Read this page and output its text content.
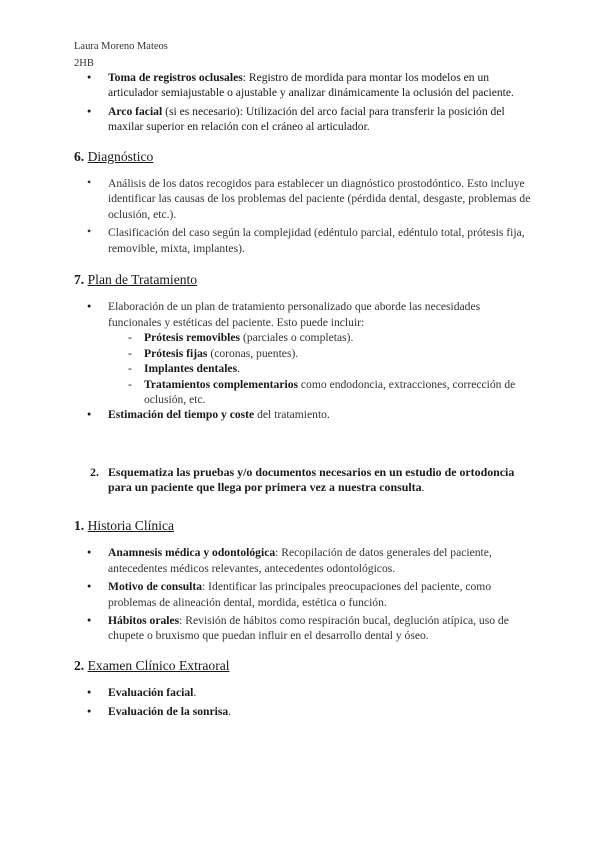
Laura Moreno Mateos
2HB
● Toma de registros oclusales: Registro de mordida para montar los modelos en un articulador semiajustable o ajustable y analizar dinámicamente la oclusión del paciente.
● Arco facial (si es necesario): Utilización del arco facial para transferir la posición del maxilar superior en relación con el cráneo al articulador.
6. Diagnóstico
• Análisis de los datos recogidos para establecer un diagnóstico prostodóntico. Esto incluye identificar las causas de los problemas del paciente (pérdida dental, desgaste, problemas de oclusión, etc.).
• Clasificación del caso según la complejidad (edéntulo parcial, edéntulo total, prótesis fija, removible, mixta, implantes).
7. Plan de Tratamiento
● Elaboración de un plan de tratamiento personalizado que aborde las necesidades funcionales y estéticas del paciente. Esto puede incluir:
- Prótesis removibles (parciales o completas).
- Prótesis fijas (coronas, puentes).
- Implantes dentales.
- Tratamientos complementarios como endodoncia, extracciones, corrección de oclusión, etc.
● Estimación del tiempo y coste del tratamiento.
2. Esquematiza las pruebas y/o documentos necesarios en un estudio de ortodoncia para un paciente que llega por primera vez a nuestra consulta.
1. Historia Clínica
● Anamnesis médica y odontológica: Recopilación de datos generales del paciente, antecedentes médicos relevantes, antecedentes odontológicos.
● Motivo de consulta: Identificar las principales preocupaciones del paciente, como problemas de alineación dental, mordida, estética o función.
● Hábitos orales: Revisión de hábitos como respiración bucal, deglución atípica, uso de chupete o bruxismo que puedan influir en el desarrollo dental y óseo.
2. Examen Clínico Extraoral
● Evaluación facial.
● Evaluación de la sonrisa.
